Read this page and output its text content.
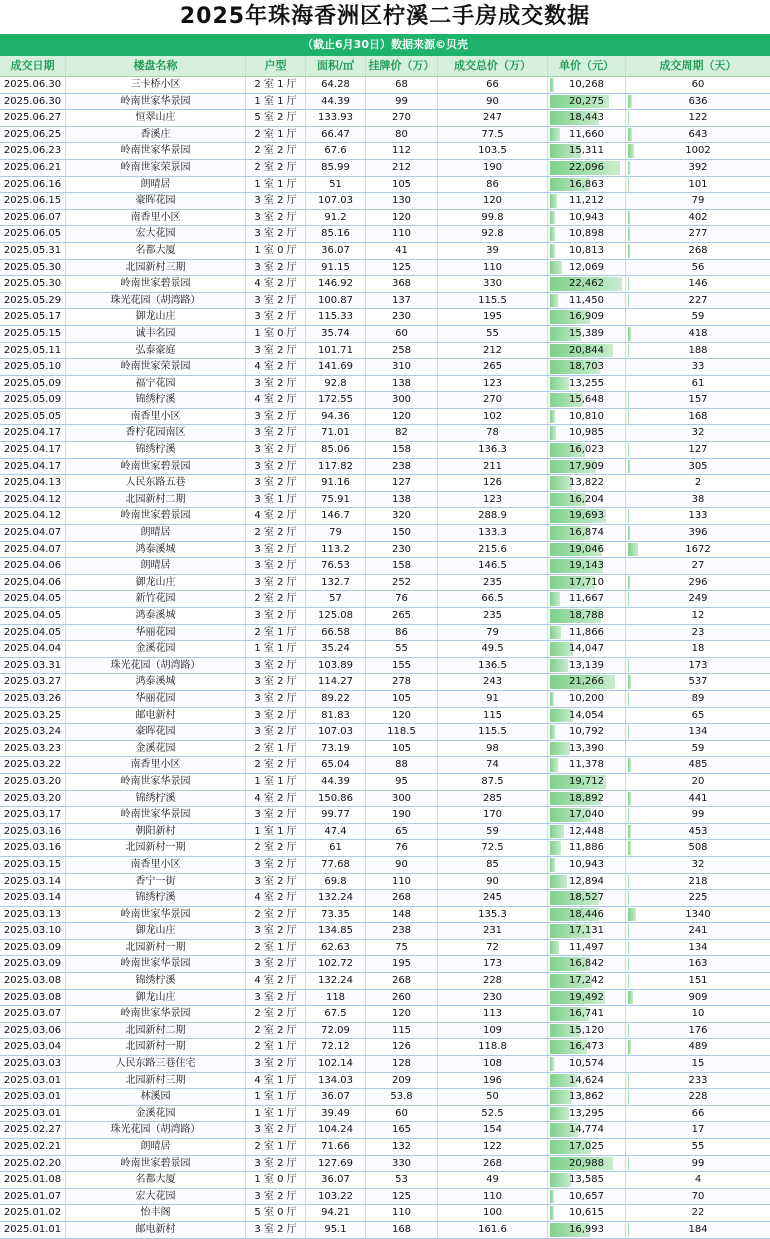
2025年珠海香洲区柠溪二手房成交数据
（截止6月30日）数据来源©贝壳
成交日期	楼盘名称	户型	面积/㎡	挂牌价（万）	成交总价（万）	单价（元）	成交周期（天）
2025.06.30	三卡桥小区	2 室 1 厅	64.28	68	66	10,268	60
2025.06.30	岭南世家华景园	1 室 1 厅	44.39	99	90	20,275	636
2025.06.27	恒翠山庄	5 室 2 厅	133.93	270	247	18,443	122
2025.06.25	香溪庄	2 室 1 厅	66.47	80	77.5	11,660	643
2025.06.23	岭南世家华景园	2 室 2 厅	67.6	112	103.5	15,311	1002
2025.06.21	岭南世家荣景园	2 室 2 厅	85.99	212	190	22,096	392
2025.06.16	朗晴居	1 室 1 厅	51	105	86	16,863	101
2025.06.15	豪晖花园	3 室 2 厅	107.03	130	120	11,212	79
2025.06.07	南香里小区	3 室 2 厅	91.2	120	99.8	10,943	402
2025.06.05	宏大花园	3 室 2 厅	85.16	110	92.8	10,898	277
2025.05.31	名都大厦	1 室 0 厅	36.07	41	39	10,813	268
2025.05.30	北园新村三期	3 室 2 厅	91.15	125	110	12,069	56
2025.05.30	岭南世家碧景园	4 室 2 厅	146.92	368	330	22,462	146
2025.05.29	珠光花园（胡湾路）	3 室 2 厅	100.87	137	115.5	11,450	227
2025.05.17	御龙山庄	3 室 2 厅	115.33	230	195	16,909	59
2025.05.15	诚丰名园	1 室 0 厅	35.74	60	55	15,389	418
2025.05.11	弘泰豪庭	3 室 2 厅	101.71	258	212	20,844	188
2025.05.10	岭南世家荣景园	4 室 2 厅	141.69	310	265	18,703	33
2025.05.09	福宁花园	3 室 2 厅	92.8	138	123	13,255	61
2025.05.09	锦绣柠溪	4 室 2 厅	172.55	300	270	15,648	157
2025.05.05	南香里小区	3 室 2 厅	94.36	120	102	10,810	168
2025.04.17	香柠花园南区	3 室 2 厅	71.01	82	78	10,985	32
2025.04.17	锦绣柠溪	3 室 2 厅	85.06	158	136.3	16,023	127
2025.04.17	岭南世家碧景园	3 室 2 厅	117.82	238	211	17,909	305
2025.04.13	人民东路五巷	3 室 2 厅	91.16	127	126	13,822	2
2025.04.12	北园新村二期	3 室 1 厅	75.91	138	123	16,204	38
2025.04.12	岭南世家碧景园	4 室 2 厅	146.7	320	288.9	19,693	133
2025.04.07	朗晴居	2 室 2 厅	79	150	133.3	16,874	396
2025.04.07	鸿泰溪城	3 室 2 厅	113.2	230	215.6	19,046	1672
2025.04.06	朗晴居	3 室 2 厅	76.53	158	146.5	19,143	27
2025.04.06	御龙山庄	3 室 2 厅	132.7	252	235	17,710	296
2025.04.05	新竹花园	2 室 2 厅	57	76	66.5	11,667	249
2025.04.05	鸿泰溪城	3 室 2 厅	125.08	265	235	18,788	12
2025.04.05	华丽花园	2 室 1 厅	66.58	86	79	11,866	23
2025.04.04	金溪花园	1 室 1 厅	35.24	55	49.5	14,047	18
2025.03.31	珠光花园（胡湾路）	3 室 2 厅	103.89	155	136.5	13,139	173
2025.03.27	鸿泰溪城	3 室 2 厅	114.27	278	243	21,266	537
2025.03.26	华丽花园	3 室 2 厅	89.22	105	91	10,200	89
2025.03.25	邮电新村	3 室 2 厅	81.83	120	115	14,054	65
2025.03.24	豪晖花园	3 室 2 厅	107.03	118.5	115.5	10,792	134
2025.03.23	金溪花园	2 室 1 厅	73.19	105	98	13,390	59
2025.03.22	南香里小区	2 室 2 厅	65.04	88	74	11,378	485
2025.03.20	岭南世家华景园	1 室 1 厅	44.39	95	87.5	19,712	20
2025.03.20	锦绣柠溪	4 室 2 厅	150.86	300	285	18,892	441
2025.03.17	岭南世家华景园	3 室 2 厅	99.77	190	170	17,040	99
2025.03.16	朝阳新村	1 室 1 厅	47.4	65	59	12,448	453
2025.03.16	北园新村一期	2 室 2 厅	61	76	72.5	11,886	508
2025.03.15	南香里小区	3 室 2 厅	77.68	90	85	10,943	32
2025.03.14	香宁一街	3 室 2 厅	69.8	110	90	12,894	218
2025.03.14	锦绣柠溪	4 室 2 厅	132.24	268	245	18,527	225
2025.03.13	岭南世家华景园	2 室 2 厅	73.35	148	135.3	18,446	1340
2025.03.10	御龙山庄	3 室 2 厅	134.85	238	231	17,131	241
2025.03.09	北园新村一期	2 室 1 厅	62.63	75	72	11,497	134
2025.03.09	岭南世家华景园	3 室 2 厅	102.72	195	173	16,842	163
2025.03.08	锦绣柠溪	4 室 2 厅	132.24	268	228	17,242	151
2025.03.08	御龙山庄	3 室 2 厅	118	260	230	19,492	909
2025.03.07	岭南世家华景园	2 室 2 厅	67.5	120	113	16,741	10
2025.03.06	北园新村二期	2 室 2 厅	72.09	115	109	15,120	176
2025.03.04	北园新村一期	2 室 1 厅	72.12	126	118.8	16,473	489
2025.03.03	人民东路三巷住宅	3 室 2 厅	102.14	128	108	10,574	15
2025.03.01	北园新村三期	4 室 1 厅	134.03	209	196	14,624	233
2025.03.01	林溪园	1 室 1 厅	36.07	53.8	50	13,862	228
2025.03.01	金溪花园	1 室 1 厅	39.49	60	52.5	13,295	66
2025.02.27	珠光花园（胡湾路）	3 室 2 厅	104.24	165	154	14,774	17
2025.02.21	朗晴居	2 室 1 厅	71.66	132	122	17,025	55
2025.02.20	岭南世家碧景园	3 室 2 厅	127.69	330	268	20,988	99
2025.01.08	名都大厦	1 室 0 厅	36.07	53	49	13,585	4
2025.01.07	宏大花园	3 室 2 厅	103.22	125	110	10,657	70
2025.01.02	怡丰阁	5 室 0 厅	94.21	110	100	10,615	22
2025.01.01	邮电新村	3 室 2 厅	95.1	168	161.6	16,993	184
